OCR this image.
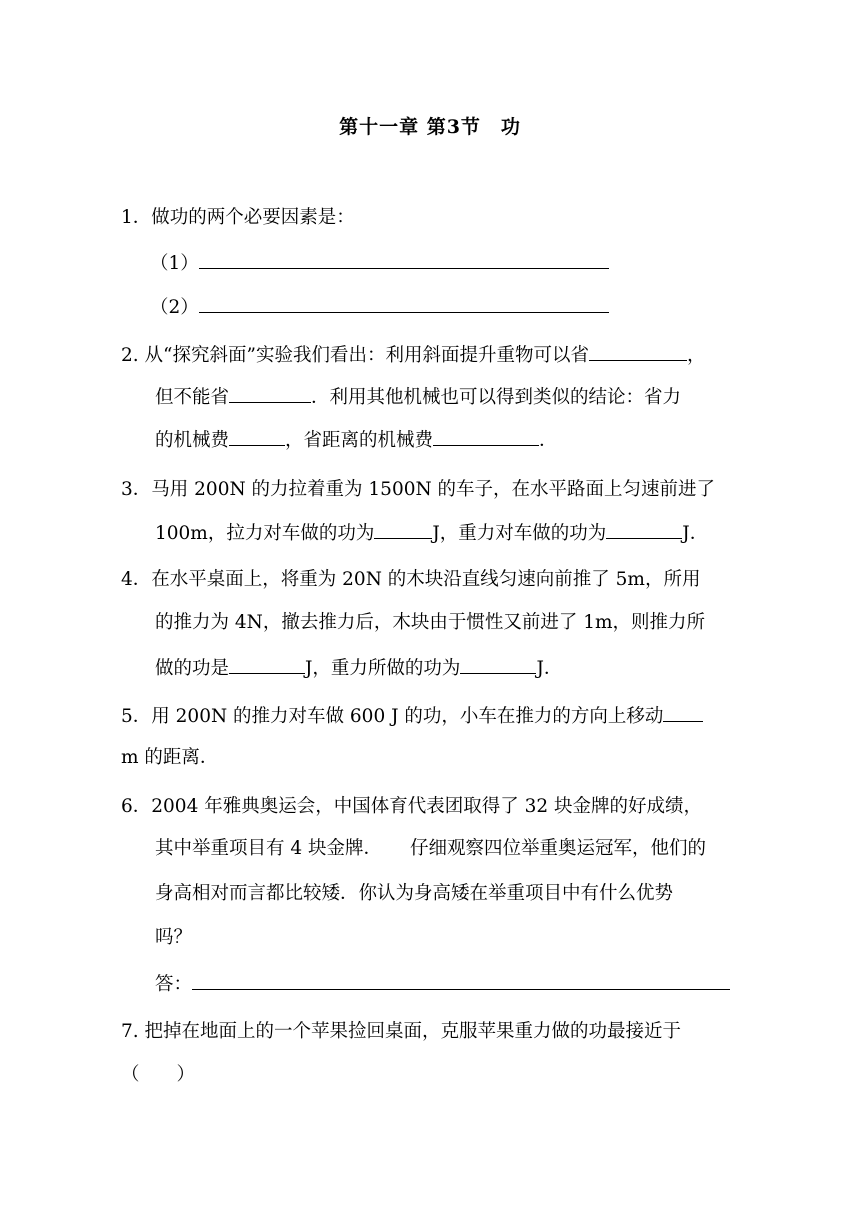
第十一章 第3节　功
1．做功的两个必要因素是：
（1）
（2）
2. 从“探究斜面”实验我们看出：利用斜面提升重物可以省	，
但不能省	．利用其他机械也可以得到类似的结论：省力
的机械费	，省距离的机械费	．
3．马用 200N 的力拉着重为 1500N 的车子，在水平路面上匀速前进了
100m，拉力对车做的功为	J，重力对车做的功为	J．
4．在水平桌面上，将重为 20N 的木块沿直线匀速向前推了 5m，所用
的推力为 4N，撤去推力后，木块由于惯性又前进了 1m，则推力所
做的功是	J，重力所做的功为	J．
5．用 200N 的推力对车做 600 J 的功，小车在推力的方向上移动
m 的距离．
6．2004 年雅典奥运会，中国体育代表团取得了 32 块金牌的好成绩，
其中举重项目有 4 块金牌． 仔细观察四位举重奥运冠军，他们的
身高相对而言都比较矮．你认为身高矮在举重项目中有什么优势
吗？
答：
7. 把掉在地面上的一个苹果捡回桌面，克服苹果重力做的功最接近于
（　　）
